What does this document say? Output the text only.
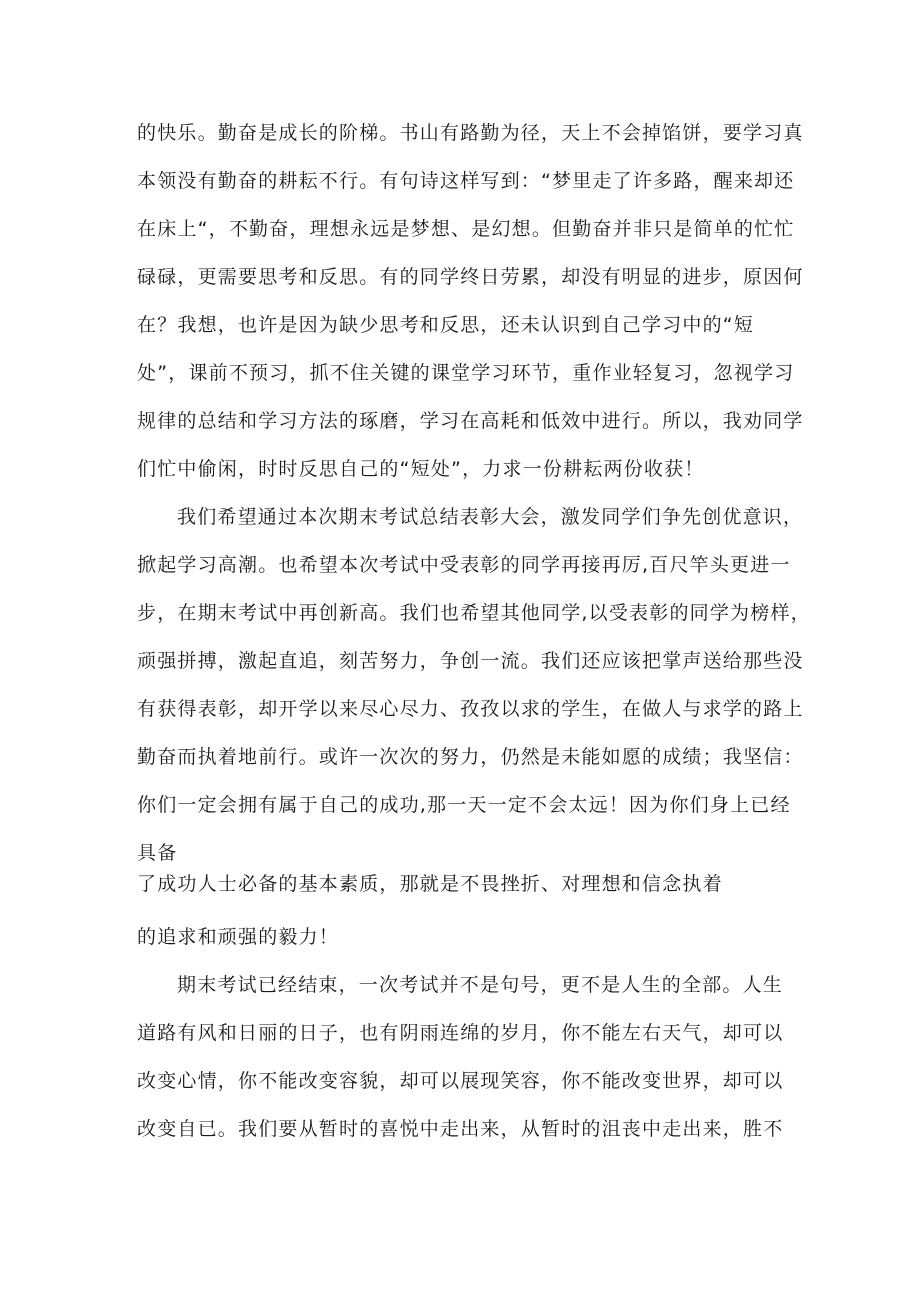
的快乐。勤奋是成长的阶梯。书山有路勤为径，天上不会掉馅饼，要学习真
本领没有勤奋的耕耘不行。有句诗这样写到：“梦里走了许多路，醒来却还
在床上“，不勤奋，理想永远是梦想、是幻想。但勤奋并非只是简单的忙忙
碌碌，更需要思考和反思。有的同学终日劳累，却没有明显的进步，原因何
在？我想，也许是因为缺少思考和反思，还未认识到自己学习中的“短
处”，课前不预习，抓不住关键的课堂学习环节，重作业轻复习，忽视学习
规律的总结和学习方法的琢磨，学习在高耗和低效中进行。所以，我劝同学
们忙中偷闲，时时反思自己的“短处”，力求一份耕耘两份收获！
我们希望通过本次期末考试总结表彰大会，激发同学们争先创优意识，
掀起学习高潮。也希望本次考试中受表彰的同学再接再厉,百尺竿头更进一
步，在期末考试中再创新高。我们也希望其他同学,以受表彰的同学为榜样，
顽强拼搏，激起直追，刻苦努力，争创一流。我们还应该把掌声送给那些没
有获得表彰，却开学以来尽心尽力、孜孜以求的学生，在做人与求学的路上
勤奋而执着地前行。或许一次次的努力，仍然是未能如愿的成绩；我坚信：
你们一定会拥有属于自己的成功,那一天一定不会太远！因为你们身上已经
具备
了成功人士必备的基本素质，那就是不畏挫折、对理想和信念执着
的追求和顽强的毅力！
期末考试已经结束，一次考试并不是句号，更不是人生的全部。人生
道路有风和日丽的日子，也有阴雨连绵的岁月，你不能左右天气，却可以
改变心情，你不能改变容貌，却可以展现笑容，你不能改变世界，却可以
改变自已。我们要从暂时的喜悦中走出来，从暂时的沮丧中走出来，胜不
